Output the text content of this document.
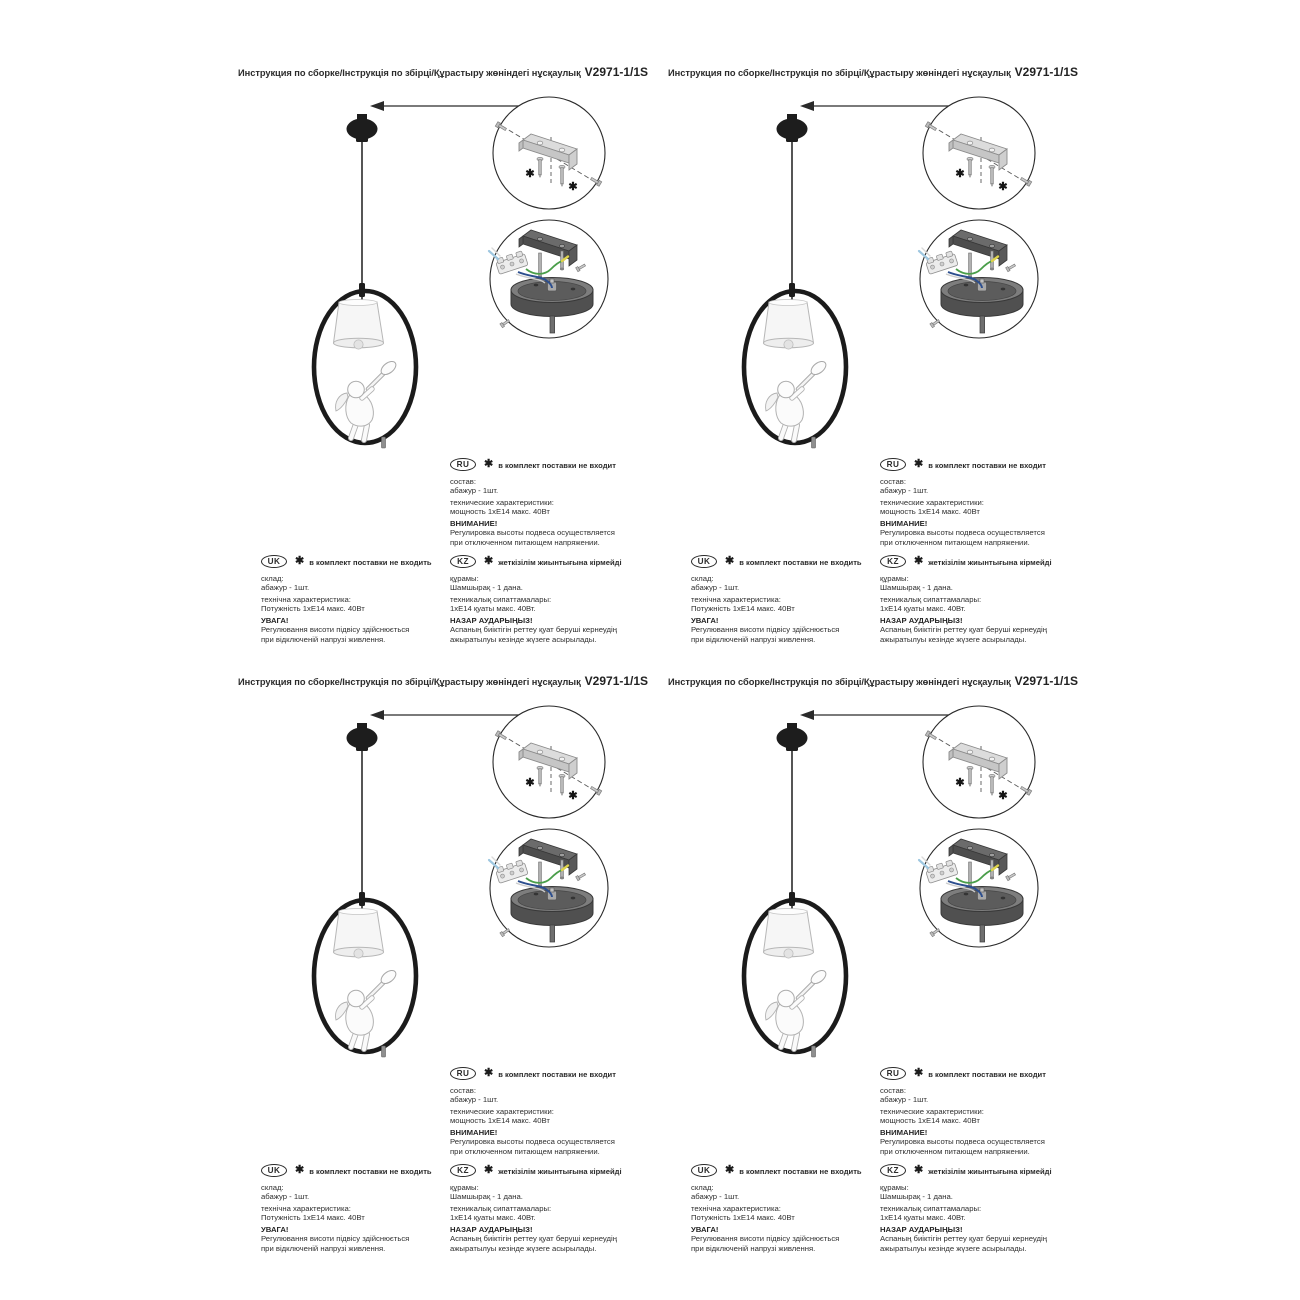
Инструкция по сборке/Інструкція по збірці/Құрастыру жөніндегі нұсқаулық V2971-1/1S
✱
✱
RU	✱ в комплект поставки не входит
состав:
абажур - 1шт.
технические характеристики:
мощность 1хЕ14 макс. 40Вт
ВНИМАНИЕ!
Регулировка высоты подвеса осуществляется
при отключенном питающем напряжении.
UK	✱ в комплект поставки не входить
склад:
абажур - 1шт.
технічна характеристика:
Потужність 1хЕ14 макс. 40Вт
УВАГА!
Регулювання висоти підвісу здійснюється
при відключеній напрузі живлення.
KZ	✱ жеткізілім жиынтығына кірмейді
құрамы:
Шамшырақ - 1 дана.
техникалық сипаттамалары:
1хЕ14 қуаты макс. 40Вт.
НАЗАР АУДАРЫҢЫЗ!
Аспаның биіктігін реттеу қуат беруші кернеудің
ажыратылуы кезінде жүзеге асырылады.
Инструкция по сборке/Інструкція по збірці/Құрастыру жөніндегі нұсқаулық V2971-1/1S
✱
✱
RU	✱ в комплект поставки не входит
состав:
абажур - 1шт.
технические характеристики:
мощность 1хЕ14 макс. 40Вт
ВНИМАНИЕ!
Регулировка высоты подвеса осуществляется
при отключенном питающем напряжении.
UK	✱ в комплект поставки не входить
склад:
абажур - 1шт.
технічна характеристика:
Потужність 1хЕ14 макс. 40Вт
УВАГА!
Регулювання висоти підвісу здійснюється
при відключеній напрузі живлення.
KZ	✱ жеткізілім жиынтығына кірмейді
құрамы:
Шамшырақ - 1 дана.
техникалық сипаттамалары:
1хЕ14 қуаты макс. 40Вт.
НАЗАР АУДАРЫҢЫЗ!
Аспаның биіктігін реттеу қуат беруші кернеудің
ажыратылуы кезінде жүзеге асырылады.
Инструкция по сборке/Інструкція по збірці/Құрастыру жөніндегі нұсқаулық V2971-1/1S
✱
✱
RU	✱ в комплект поставки не входит
состав:
абажур - 1шт.
технические характеристики:
мощность 1хЕ14 макс. 40Вт
ВНИМАНИЕ!
Регулировка высоты подвеса осуществляется
при отключенном питающем напряжении.
UK	✱ в комплект поставки не входить
склад:
абажур - 1шт.
технічна характеристика:
Потужність 1хЕ14 макс. 40Вт
УВАГА!
Регулювання висоти підвісу здійснюється
при відключеній напрузі живлення.
KZ	✱ жеткізілім жиынтығына кірмейді
құрамы:
Шамшырақ - 1 дана.
техникалық сипаттамалары:
1хЕ14 қуаты макс. 40Вт.
НАЗАР АУДАРЫҢЫЗ!
Аспаның биіктігін реттеу қуат беруші кернеудің
ажыратылуы кезінде жүзеге асырылады.
Инструкция по сборке/Інструкція по збірці/Құрастыру жөніндегі нұсқаулық V2971-1/1S
✱
✱
RU	✱ в комплект поставки не входит
состав:
абажур - 1шт.
технические характеристики:
мощность 1хЕ14 макс. 40Вт
ВНИМАНИЕ!
Регулировка высоты подвеса осуществляется
при отключенном питающем напряжении.
UK	✱ в комплект поставки не входить
склад:
абажур - 1шт.
технічна характеристика:
Потужність 1хЕ14 макс. 40Вт
УВАГА!
Регулювання висоти підвісу здійснюється
при відключеній напрузі живлення.
KZ	✱ жеткізілім жиынтығына кірмейді
құрамы:
Шамшырақ - 1 дана.
техникалық сипаттамалары:
1хЕ14 қуаты макс. 40Вт.
НАЗАР АУДАРЫҢЫЗ!
Аспаның биіктігін реттеу қуат беруші кернеудің
ажыратылуы кезінде жүзеге асырылады.
